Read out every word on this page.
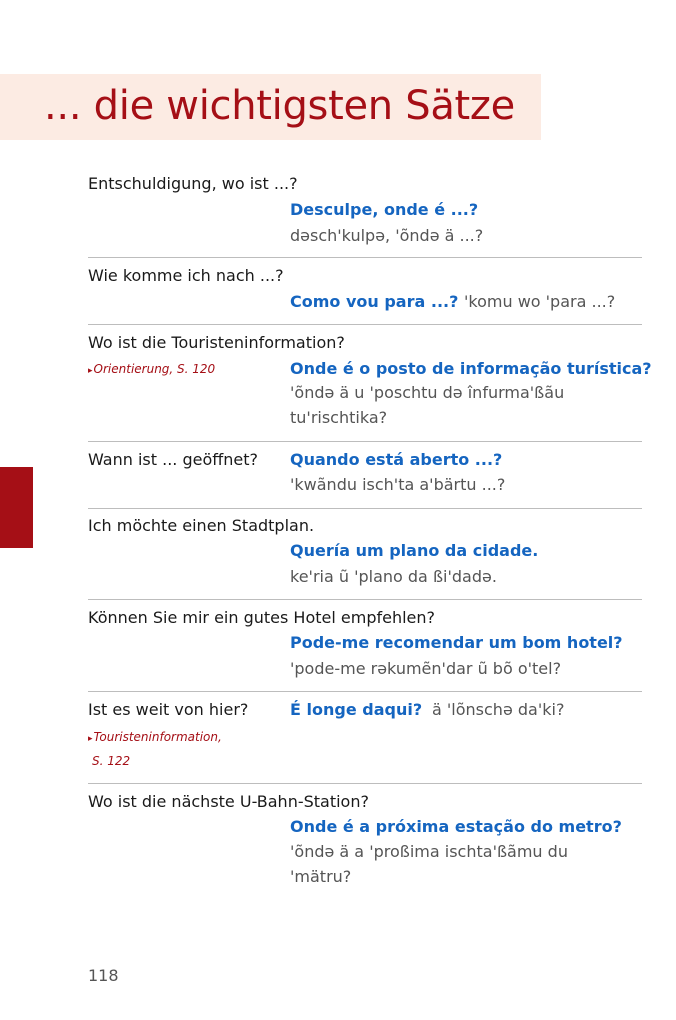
... die wichtigsten Sätze
Entschuldigung, wo ist ...?
Desculpe, onde é ...?
dəsch'kulpə, 'õndə ä ...?
Wie komme ich nach ...?
Como vou para ...? 'komu wo 'para ...?
Wo ist die Touristeninformation?
▸Orientierung, S. 120	Onde é o posto de informação turística?
'õndə ä u 'poschtu də înfurma'ßãu
tu'rischtika?
Wann ist ... geöffnet? Quando está aberto ...?
'kwãndu isch'ta a'bärtu ...?
Ich möchte einen Stadtplan.
Quería um plano da cidade.
ke'ria ũ 'plano da ßi'dadə.
Können Sie mir ein gutes Hotel empfehlen?
Pode-me recomendar um bom hotel?
'pode-me rəkumẽn'dar ũ bõ o'tel?
Ist es weit von hier?
▸Touristeninformation,
S. 122
É longe daqui? ä 'lõnschə da'ki?
Wo ist die nächste U-Bahn-Station?
Onde é a próxima estação do metro?
'õndə ä a 'proßima ischta'ßãmu du
'mätru?
118
